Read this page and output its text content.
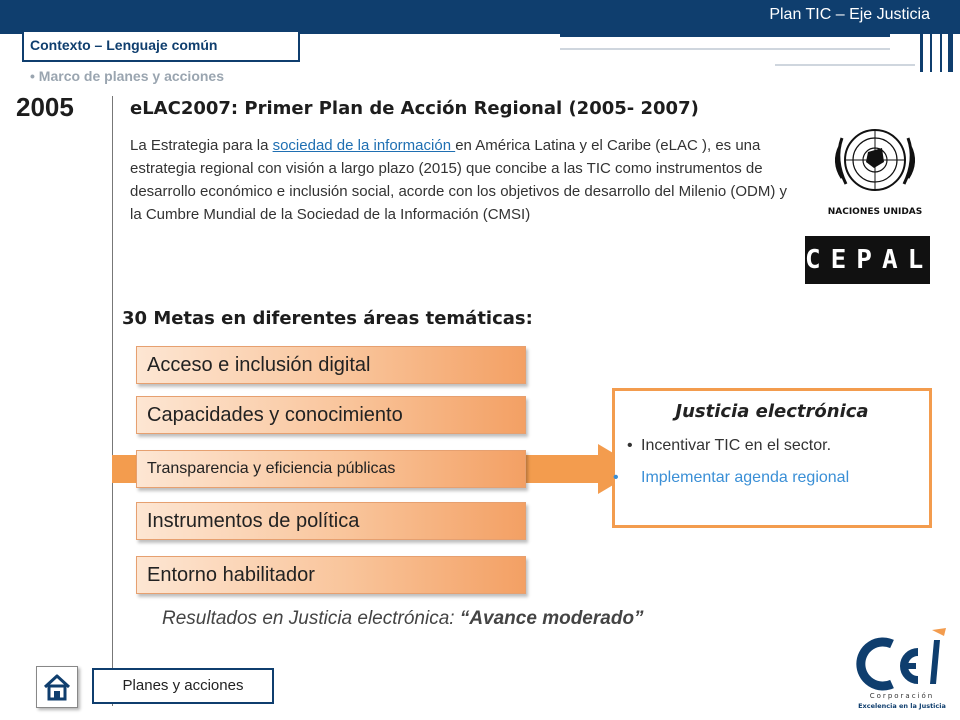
Plan TIC – Eje Justicia
Contexto – Lenguaje común
• Marco de planes y acciones
2005	eLAC2007: Primer Plan de Acción Regional (2005- 2007)
La Estrategia para la sociedad de la información en América Latina y el Caribe (eLAC ), es una estrategia regional con visión a largo plazo (2015) que concibe a las TIC como instrumentos de desarrollo económico e inclusión social, acorde con los objetivos de desarrollo del Milenio (ODM) y la Cumbre Mundial de la Sociedad de la Información (CMSI)	NACIONES UNIDAS
CEPAL
30 Metas en diferentes áreas temáticas:
Acceso e inclusión digital
Capacidades y conocimiento
Transparencia y eficiencia públicas
Instrumentos de política
Entorno habilitador
Justicia electrónica
• Incentivar TIC en el sector.
• Implementar agenda regional
Resultados en Justicia electrónica: “Avance moderado”
Planes y acciones
Corporación
Excelencia en la Justicia
